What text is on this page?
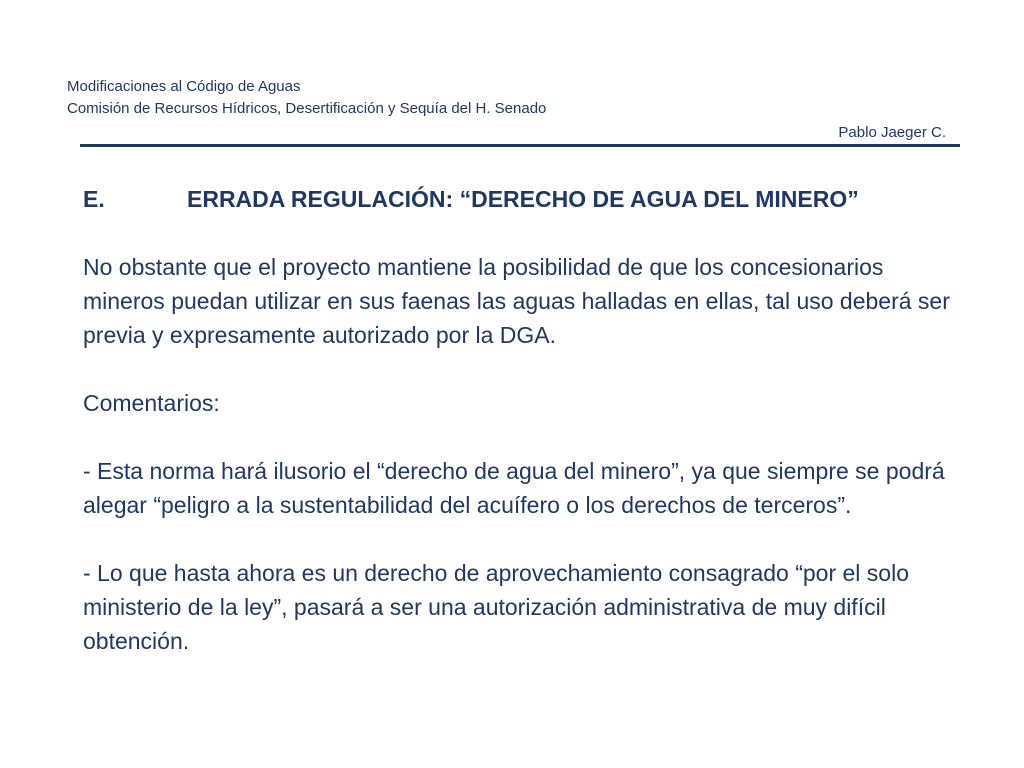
Modificaciones al Código de Aguas
Comisión de Recursos Hídricos, Desertificación y Sequía del H. Senado
Pablo Jaeger C.

E.	ERRADA REGULACIÓN: “DERECHO DE AGUA DEL MINERO”

No obstante que el proyecto mantiene la posibilidad de que los concesionarios mineros puedan utilizar en sus faenas las aguas halladas en ellas, tal uso deberá ser previa y expresamente autorizado por la DGA.

Comentarios:

- Esta norma hará ilusorio el “derecho de agua del minero”, ya que siempre se podrá alegar “peligro a la sustentabilidad del acuífero o los derechos de terceros”.

- Lo que hasta ahora es un derecho de aprovechamiento consagrado “por el solo ministerio de la ley”, pasará a ser una autorización administrativa de muy difícil obtención.
